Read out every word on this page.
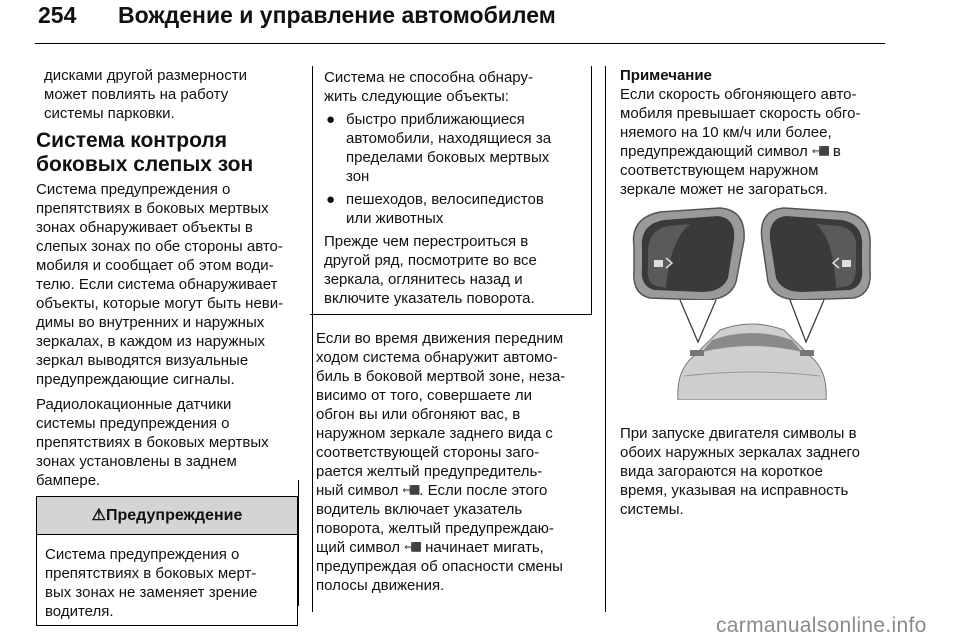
254 Вождение и управление автомобилем

дисками другой размерности

может повлиять на работу

системы парковки.

Система контроля
боковых слепых зон

Система предупреждения о

препятствиях в боковых мертвых

зонах обнаруживает объекты в

слепых зонах по обе стороны авто-

мобиля и сообщает об этом води-

телю. Если система обнаруживает

объекты, которые могут быть неви-

димы во внутренних и наружных

зеркалах, в каждом из наружных

зеркал выводятся визуальные

предупреждающие сигналы.

Радиолокационные датчики

системы предупреждения о

препятствиях в боковых мертвых

зонах установлены в заднем

бампере.

⚠Предупреждение

Система предупреждения о

препятствиях в боковых мерт-

вых зонах не заменяет зрение

водителя.

Система не способна обнару-

жить следующие объекты:

● быстро приближающиеся
автомобили, находящиеся за
пределами боковых мертвых
зон

● пешеходов, велосипедистов
или животных

Прежде чем перестроиться в

другой ряд, посмотрите во все

зеркала, оглянитесь назад и

включите указатель поворота.

Если во время движения передним

ходом система обнаружит автомо-

биль в боковой мертвой зоне, неза-

висимо от того, совершаете ли

обгон вы или обгоняют вас, в

наружном зеркале заднего вида с

соответствующей стороны заго-

рается желтый предупредитель-

ный символ ⇐⬛. Если после этого

водитель включает указатель

поворота, желтый предупреждаю-

щий символ ⇐⬛ начинает мигать,

предупреждая об опасности смены

полосы движения.

Примечание

Если скорость обгоняющего авто-

мобиля превышает скорость обго-

няемого на 10 км/ч или более,

предупреждающий символ ⇐⬛ в

соответствующем наружном

зеркале может не загораться.

При запуске двигателя символы в

обоих наружных зеркалах заднего

вида загораются на короткое

время, указывая на исправность

системы.

carmanualsonline.info
